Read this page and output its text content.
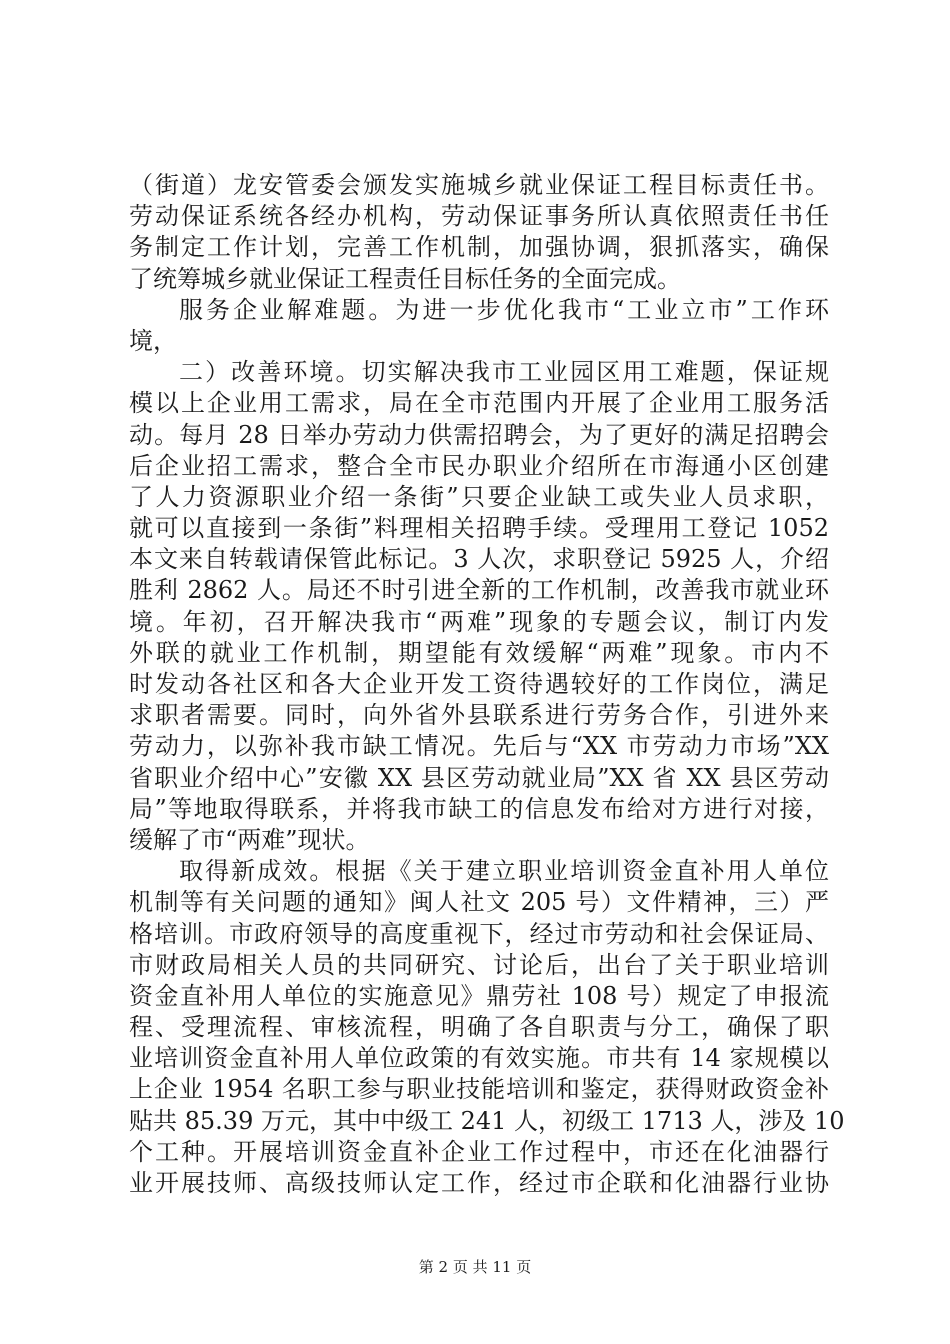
（街道）龙安管委会颁发实施城乡就业保证工程目标责任书。
劳动保证系统各经办机构，劳动保证事务所认真依照责任书任
务制定工作计划，完善工作机制，加强协调，狠抓落实，确保
了统筹城乡就业保证工程责任目标任务的全面完成。
服务企业解难题。为进一步优化我市“工业立市”工作环
境，
二）改善环境。切实解决我市工业园区用工难题，保证规
模以上企业用工需求，局在全市范围内开展了企业用工服务活
动。每月 28 日举办劳动力供需招聘会，为了更好的满足招聘会
后企业招工需求，整合全市民办职业介绍所在市海通小区创建
了人力资源职业介绍一条街”只要企业缺工或失业人员求职，
就可以直接到一条街”料理相关招聘手续。受理用工登记 1052
本文来自转载请保管此标记。3 人次，求职登记 5925 人，介绍
胜利 2862 人。局还不时引进全新的工作机制，改善我市就业环
境。年初，召开解决我市“两难”现象的专题会议，制订内发
外联的就业工作机制，期望能有效缓解“两难”现象。市内不
时发动各社区和各大企业开发工资待遇较好的工作岗位，满足
求职者需要。同时，向外省外县联系进行劳务合作，引进外来
劳动力，以弥补我市缺工情况。先后与“XX 市劳动力市场”XX
省职业介绍中心”安徽 XX 县区劳动就业局”XX 省 XX 县区劳动
局”等地取得联系，并将我市缺工的信息发布给对方进行对接，
缓解了市“两难”现状。
取得新成效。根据《关于建立职业培训资金直补用人单位
机制等有关问题的通知》闽人社文 205 号）文件精神，三）严
格培训。市政府领导的高度重视下，经过市劳动和社会保证局、
市财政局相关人员的共同研究、讨论后，出台了关于职业培训
资金直补用人单位的实施意见》鼎劳社 108 号）规定了申报流
程、受理流程、审核流程，明确了各自职责与分工，确保了职
业培训资金直补用人单位政策的有效实施。市共有 14 家规模以
上企业 1954 名职工参与职业技能培训和鉴定，获得财政资金补
贴共 85.39 万元，其中中级工 241 人，初级工 1713 人，涉及 10
个工种。开展培训资金直补企业工作过程中，市还在化油器行
业开展技师、高级技师认定工作，经过市企联和化油器行业协
第 2 页 共 11 页
